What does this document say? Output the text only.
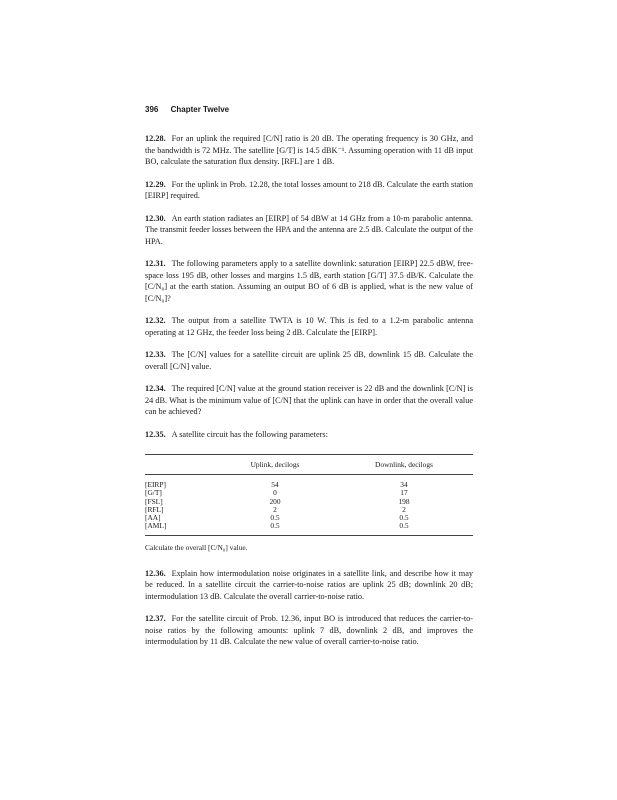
396 Chapter Twelve

12.28. For an uplink the required [C/N] ratio is 20 dB. The operating frequency is 30 GHz, and the bandwidth is 72 MHz. The satellite [G/T] is 14.5 dBK⁻¹. Assuming operation with 11 dB input BO, calculate the saturation flux density. [RFL] are 1 dB.

12.29. For the uplink in Prob. 12.28, the total losses amount to 218 dB. Calculate the earth station [EIRP] required.

12.30. An earth station radiates an [EIRP] of 54 dBW at 14 GHz from a 10-m parabolic antenna. The transmit feeder losses between the HPA and the antenna are 2.5 dB. Calculate the output of the HPA.

12.31. The following parameters apply to a satellite downlink: saturation [EIRP] 22.5 dBW, free-space loss 195 dB, other losses and margins 1.5 dB, earth station [G/T] 37.5 dB/K. Calculate the [C/N₀] at the earth station. Assuming an output BO of 6 dB is applied, what is the new value of [C/N₀]?

12.32. The output from a satellite TWTA is 10 W. This is fed to a 1.2-m parabolic antenna operating at 12 GHz, the feeder loss being 2 dB. Calculate the [EIRP].

12.33. The [C/N] values for a satellite circuit are uplink 25 dB, downlink 15 dB. Calculate the overall [C/N] value.

12.34. The required [C/N] value at the ground station receiver is 22 dB and the downlink [C/N] is 24 dB. What is the minimum value of [C/N] that the uplink can have in order that the overall value can be achieved?

12.35. A satellite circuit has the following parameters:

	Uplink, decilogs	Downlink, decilogs
[EIRP]	54	34
[G/T]	0	17
[FSL]	200	198
[RFL]	2	2
[AA]	0.5	0.5
[AML]	0.5	0.5
Calculate the overall [C/N₀] value.

12.36. Explain how intermodulation noise originates in a satellite link, and describe how it may be reduced. In a satellite circuit the carrier-to-noise ratios are uplink 25 dB; downlink 20 dB; intermodulation 13 dB. Calculate the overall carrier-to-noise ratio.

12.37. For the satellite circuit of Prob. 12.36, input BO is introduced that reduces the carrier-to-noise ratios by the following amounts: uplink 7 dB, downlink 2 dB, and improves the intermodulation by 11 dB. Calculate the new value of overall carrier-to-noise ratio.
